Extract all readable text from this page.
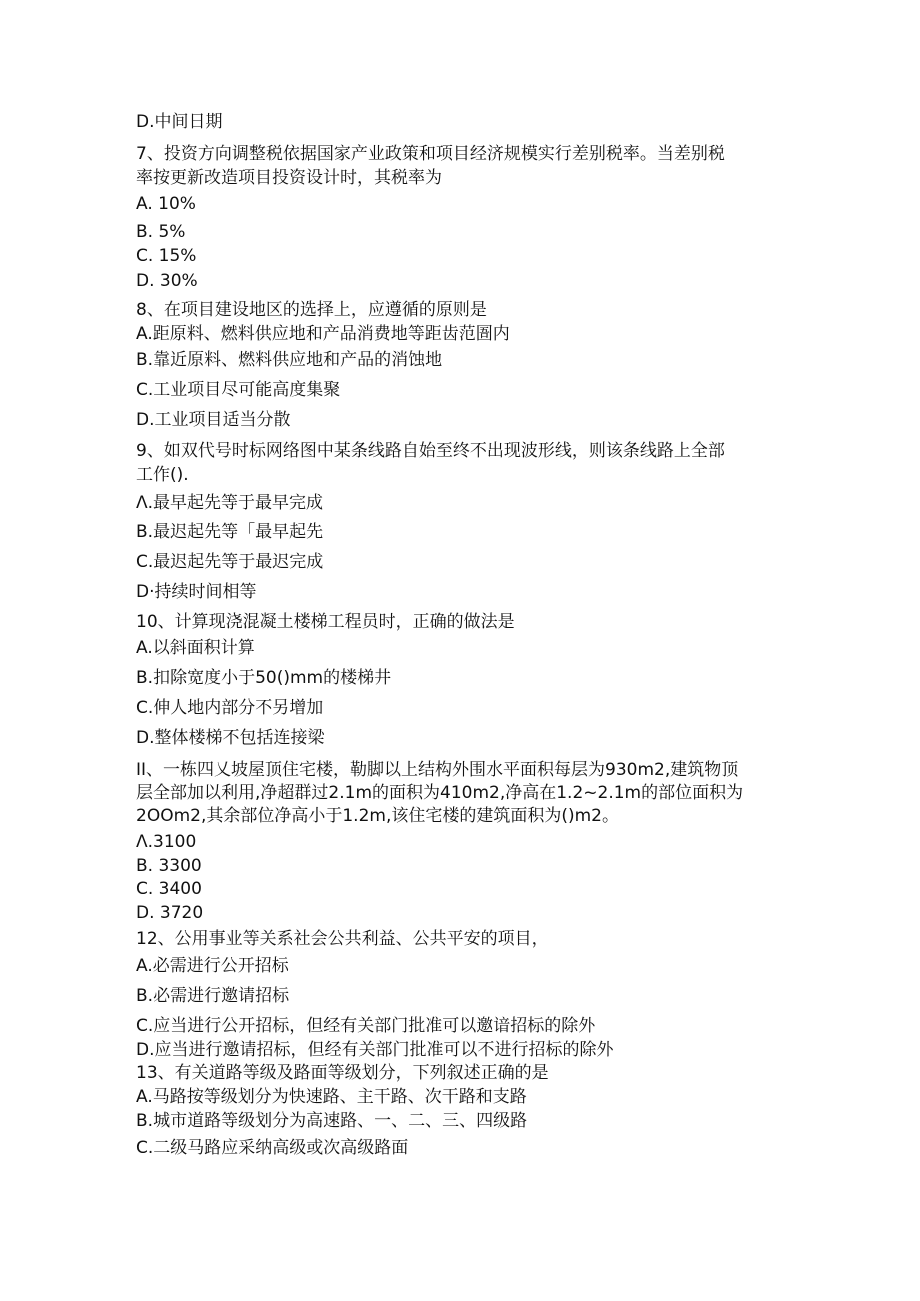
D.中间日期
7、投资方向调整税依据国家产业政策和项目经济规模实行差别税率。当差别税
率按更新改造项目投资设计时，其税率为
A. 10%
B. 5%
C. 15%
D. 30%
8、在项目建设地区的选择上，应遵循的原则是
A.距原料、燃料供应地和产品消费地等距齿范圄内
B.靠近原料、燃料供应地和产品的消蚀地
C.工业项目尽可能高度集聚
D.工业项目适当分散
9、如双代号时标网络图中某条线路自始至终不出现波形线，则该条线路上全部
工作().
Λ.最早起先等于最早完成
B.最迟起先等「最早起先
C.最迟起先等于最迟完成
D·持续时间相等
10、计算现浇混凝土楼梯工程员时，正确的做法是
A.以斜面积计算
B.扣除宽度小于50()mm的楼梯井
C.伸人地内部分不另增加
D.整体楼梯不包括连接梁
II、一栋四乂坡屋顶住宅楼，勒脚以上结构外围水平面积每层为930m2,建筑物顶
层全部加以利用,净超群过2.1m的面积为410m2,净高在1.2~2.1m的部位面积为
2OOm2,其余部位净高小于1.2m,该住宅楼的建筑面积为()m2。
Λ.3100
B. 3300
C. 3400
D. 3720
12、公用事业等关系社会公共利益、公共平安的项目，
A.必需进行公开招标
B.必需进行邀请招标
C.应当进行公开招标，但经有关部门批准可以邀谙招标的除外
D.应当进行邀请招标，但经有关部门批准可以不进行招标的除外
13、有关道路等级及路面等级划分，下列叙述正确的是
A.马路按等级划分为快速路、主干路、次干路和支路
B.城市道路等级划分为高速路、一、二、三、四级路
C.二级马路应采纳高级或次高级路面
